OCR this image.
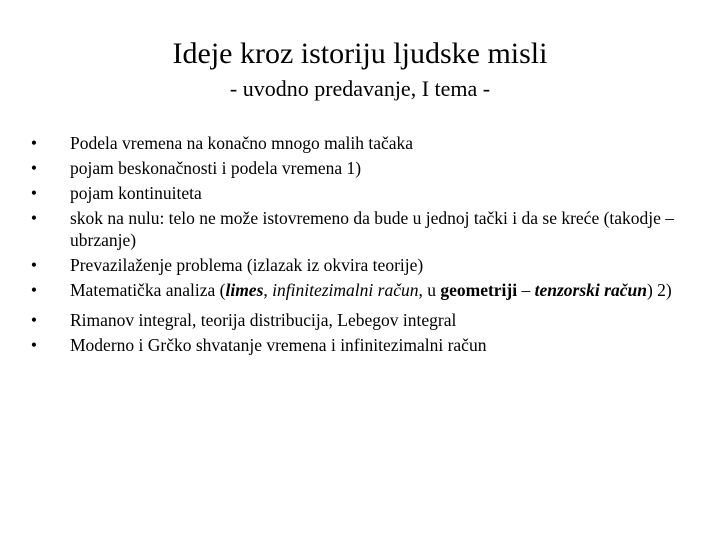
Ideje kroz istoriju ljudske misli
- uvodno predavanje, I tema -
•	Podela vremena na konačno mnogo malih tačaka
•	pojam beskonačnosti i podela vremena 1)
•	pojam kontinuiteta
•	skok na nulu: telo ne može istovremeno da bude u jednoj tački i da se kreće (takodje – ubrzanje)
•	Prevazilaženje problema (izlazak iz okvira teorije)
•	Matematička analiza (limes, infinitezimalni račun, u geometriji – tenzorski račun) 2)
•	Rimanov integral, teorija distribucija, Lebegov integral
•	Moderno i Grčko shvatanje vremena i infinitezimalni račun
